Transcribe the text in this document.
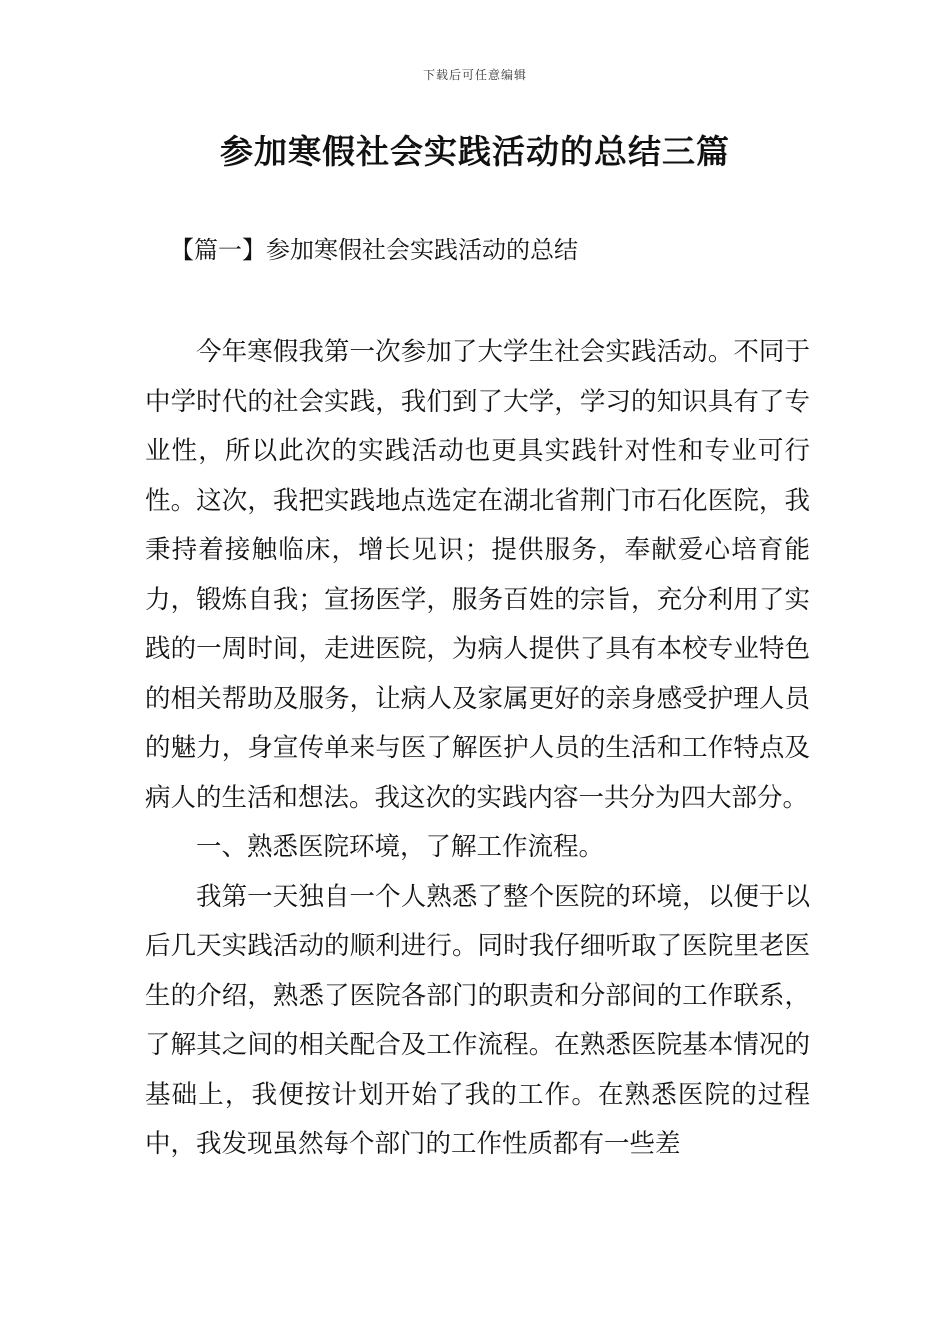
下载后可任意编辑
参加寒假社会实践活动的总结三篇
【篇一】参加寒假社会实践活动的总结

今年寒假我第一次参加了大学生社会实践活动。不同于中学时代的社会实践，我们到了大学，学习的知识具有了专业性，所以此次的实践活动也更具实践针对性和专业可行性。这次，我把实践地点选定在湖北省荆门市石化医院，我秉持着接触临床，增长见识；提供服务，奉献爱心培育能力，锻炼自我；宣扬医学，服务百姓的宗旨，充分利用了实践的一周时间，走进医院，为病人提供了具有本校专业特色的相关帮助及服务，让病人及家属更好的亲身感受护理人员的魅力，身宣传单来与医了解医护人员的生活和工作特点及病人的生活和想法。我这次的实践内容一共分为四大部分。

一、熟悉医院环境，了解工作流程。

我第一天独自一个人熟悉了整个医院的环境，以便于以后几天实践活动的顺利进行。同时我仔细听取了医院里老医生的介绍，熟悉了医院各部门的职责和分部间的工作联系，了解其之间的相关配合及工作流程。在熟悉医院基本情况的基础上，我便按计划开始了我的工作。在熟悉医院的过程中，我发现虽然每个部门的工作性质都有一些差
